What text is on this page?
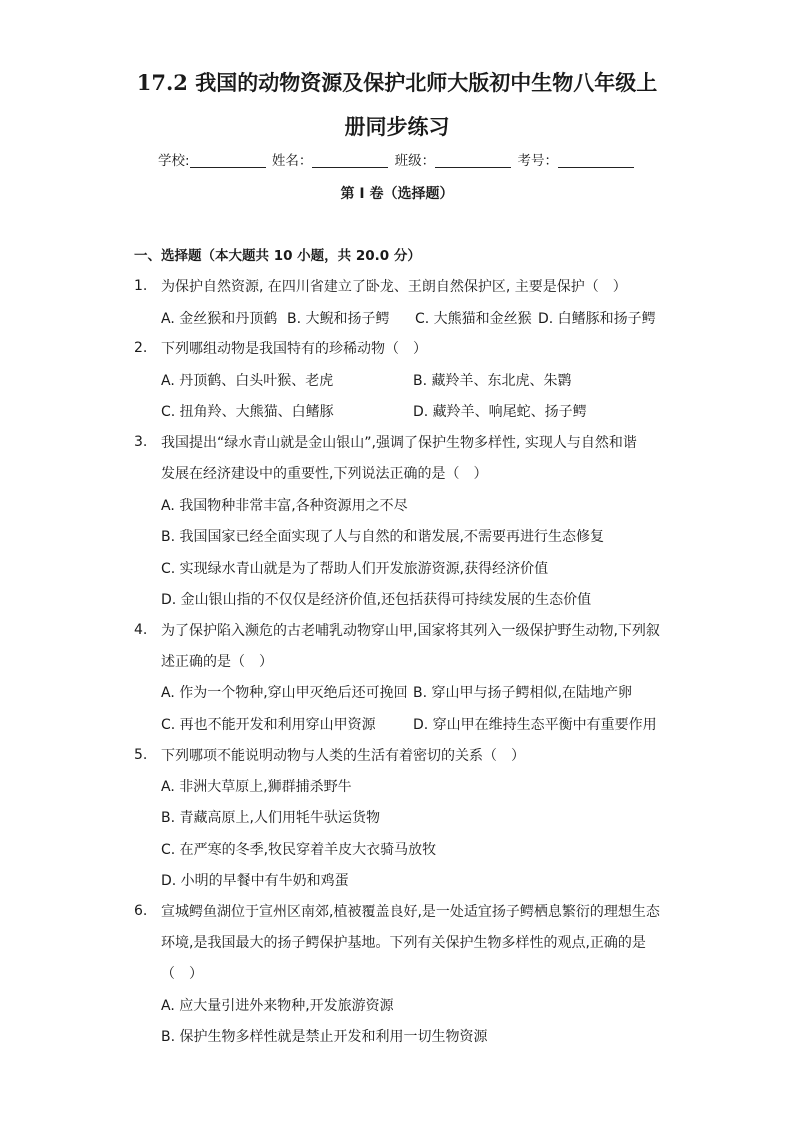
17.2 我国的动物资源及保护北师大版初中生物八年级上
册同步练习
学校:	姓名：	班级：	考号：
第 I 卷（选择题）
一、选择题（本大题共 10 小题，共 20.0 分）
1. 为保护自然资源, 在四川省建立了卧龙、王朗自然保护区, 主要是保护（　）
A. 金丝猴和丹顶鹤 B. 大鲵和扬子鳄 C. 大熊猫和金丝猴 D. 白鳍豚和扬子鳄
2. 下列哪组动物是我国特有的珍稀动物（　）
A. 丹顶鹤、白头叶猴、老虎	B. 藏羚羊、东北虎、朱鹮
C. 扭角羚、大熊猫、白鳍豚	D. 藏羚羊、响尾蛇、扬子鳄
3. 我国提出“绿水青山就是金山银山”,强调了保护生物多样性, 实现人与自然和谐
发展在经济建设中的重要性,下列说法正确的是（　）
A. 我国物种非常丰富,各种资源用之不尽
B. 我国国家已经全面实现了人与自然的和谐发展,不需要再进行生态修复
C. 实现绿水青山就是为了帮助人们开发旅游资源,获得经济价值
D. 金山银山指的不仅仅是经济价值,还包括获得可持续发展的生态价值
4. 为了保护陷入濒危的古老哺乳动物穿山甲,国家将其列入一级保护野生动物,下列叙
述正确的是（　）
A. 作为一个物种,穿山甲灭绝后还可挽回 B. 穿山甲与扬子鳄相似,在陆地产卵
C. 再也不能开发和利用穿山甲资源	D. 穿山甲在维持生态平衡中有重要作用
5. 下列哪项不能说明动物与人类的生活有着密切的关系（　）
A. 非洲大草原上,狮群捕杀野牛
B. 青藏高原上,人们用牦牛驮运货物
C. 在严寒的冬季,牧民穿着羊皮大衣骑马放牧
D. 小明的早餐中有牛奶和鸡蛋
6. 宣城鳄鱼湖位于宣州区南郊,植被覆盖良好,是一处适宜扬子鳄栖息繁衍的理想生态
环境,是我国最大的扬子鳄保护基地。下列有关保护生物多样性的观点,正确的是
（　）
A. 应大量引进外来物种,开发旅游资源
B. 保护生物多样性就是禁止开发和利用一切生物资源
